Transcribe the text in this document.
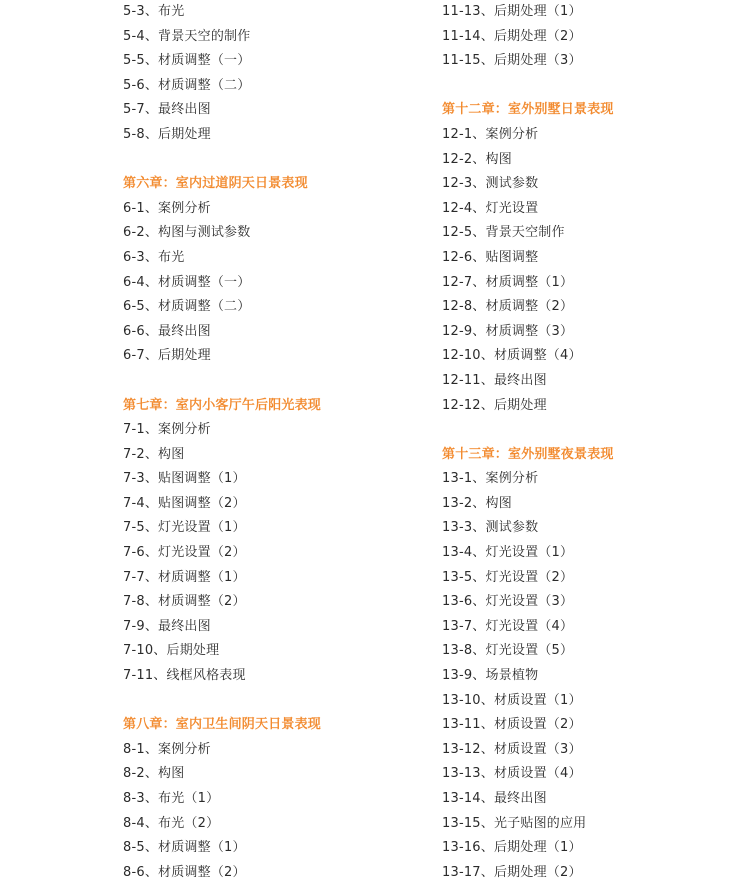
5-3、布光
5-4、背景天空的制作
5-5、材质调整（一）
5-6、材质调整（二）
5-7、最终出图
5-8、后期处理
第六章：室内过道阴天日景表现
6-1、案例分析
6-2、构图与测试参数
6-3、布光
6-4、材质调整（一）
6-5、材质调整（二）
6-6、最终出图
6-7、后期处理
第七章：室内小客厅午后阳光表现
7-1、案例分析
7-2、构图
7-3、贴图调整（1）
7-4、贴图调整（2）
7-5、灯光设置（1）
7-6、灯光设置（2）
7-7、材质调整（1）
7-8、材质调整（2）
7-9、最终出图
7-10、后期处理
7-11、线框风格表现
第八章：室内卫生间阴天日景表现
8-1、案例分析
8-2、构图
8-3、布光（1）
8-4、布光（2）
8-5、材质调整（1）
8-6、材质调整（2）
11-13、后期处理（1）
11-14、后期处理（2）
11-15、后期处理（3）
第十二章：室外别墅日景表现
12-1、案例分析
12-2、构图
12-3、测试参数
12-4、灯光设置
12-5、背景天空制作
12-6、贴图调整
12-7、材质调整（1）
12-8、材质调整（2）
12-9、材质调整（3）
12-10、材质调整（4）
12-11、最终出图
12-12、后期处理
第十三章：室外别墅夜景表现
13-1、案例分析
13-2、构图
13-3、测试参数
13-4、灯光设置（1）
13-5、灯光设置（2）
13-6、灯光设置（3）
13-7、灯光设置（4）
13-8、灯光设置（5）
13-9、场景植物
13-10、材质设置（1）
13-11、材质设置（2）
13-12、材质设置（3）
13-13、材质设置（4）
13-14、最终出图
13-15、光子贴图的应用
13-16、后期处理（1）
13-17、后期处理（2）
